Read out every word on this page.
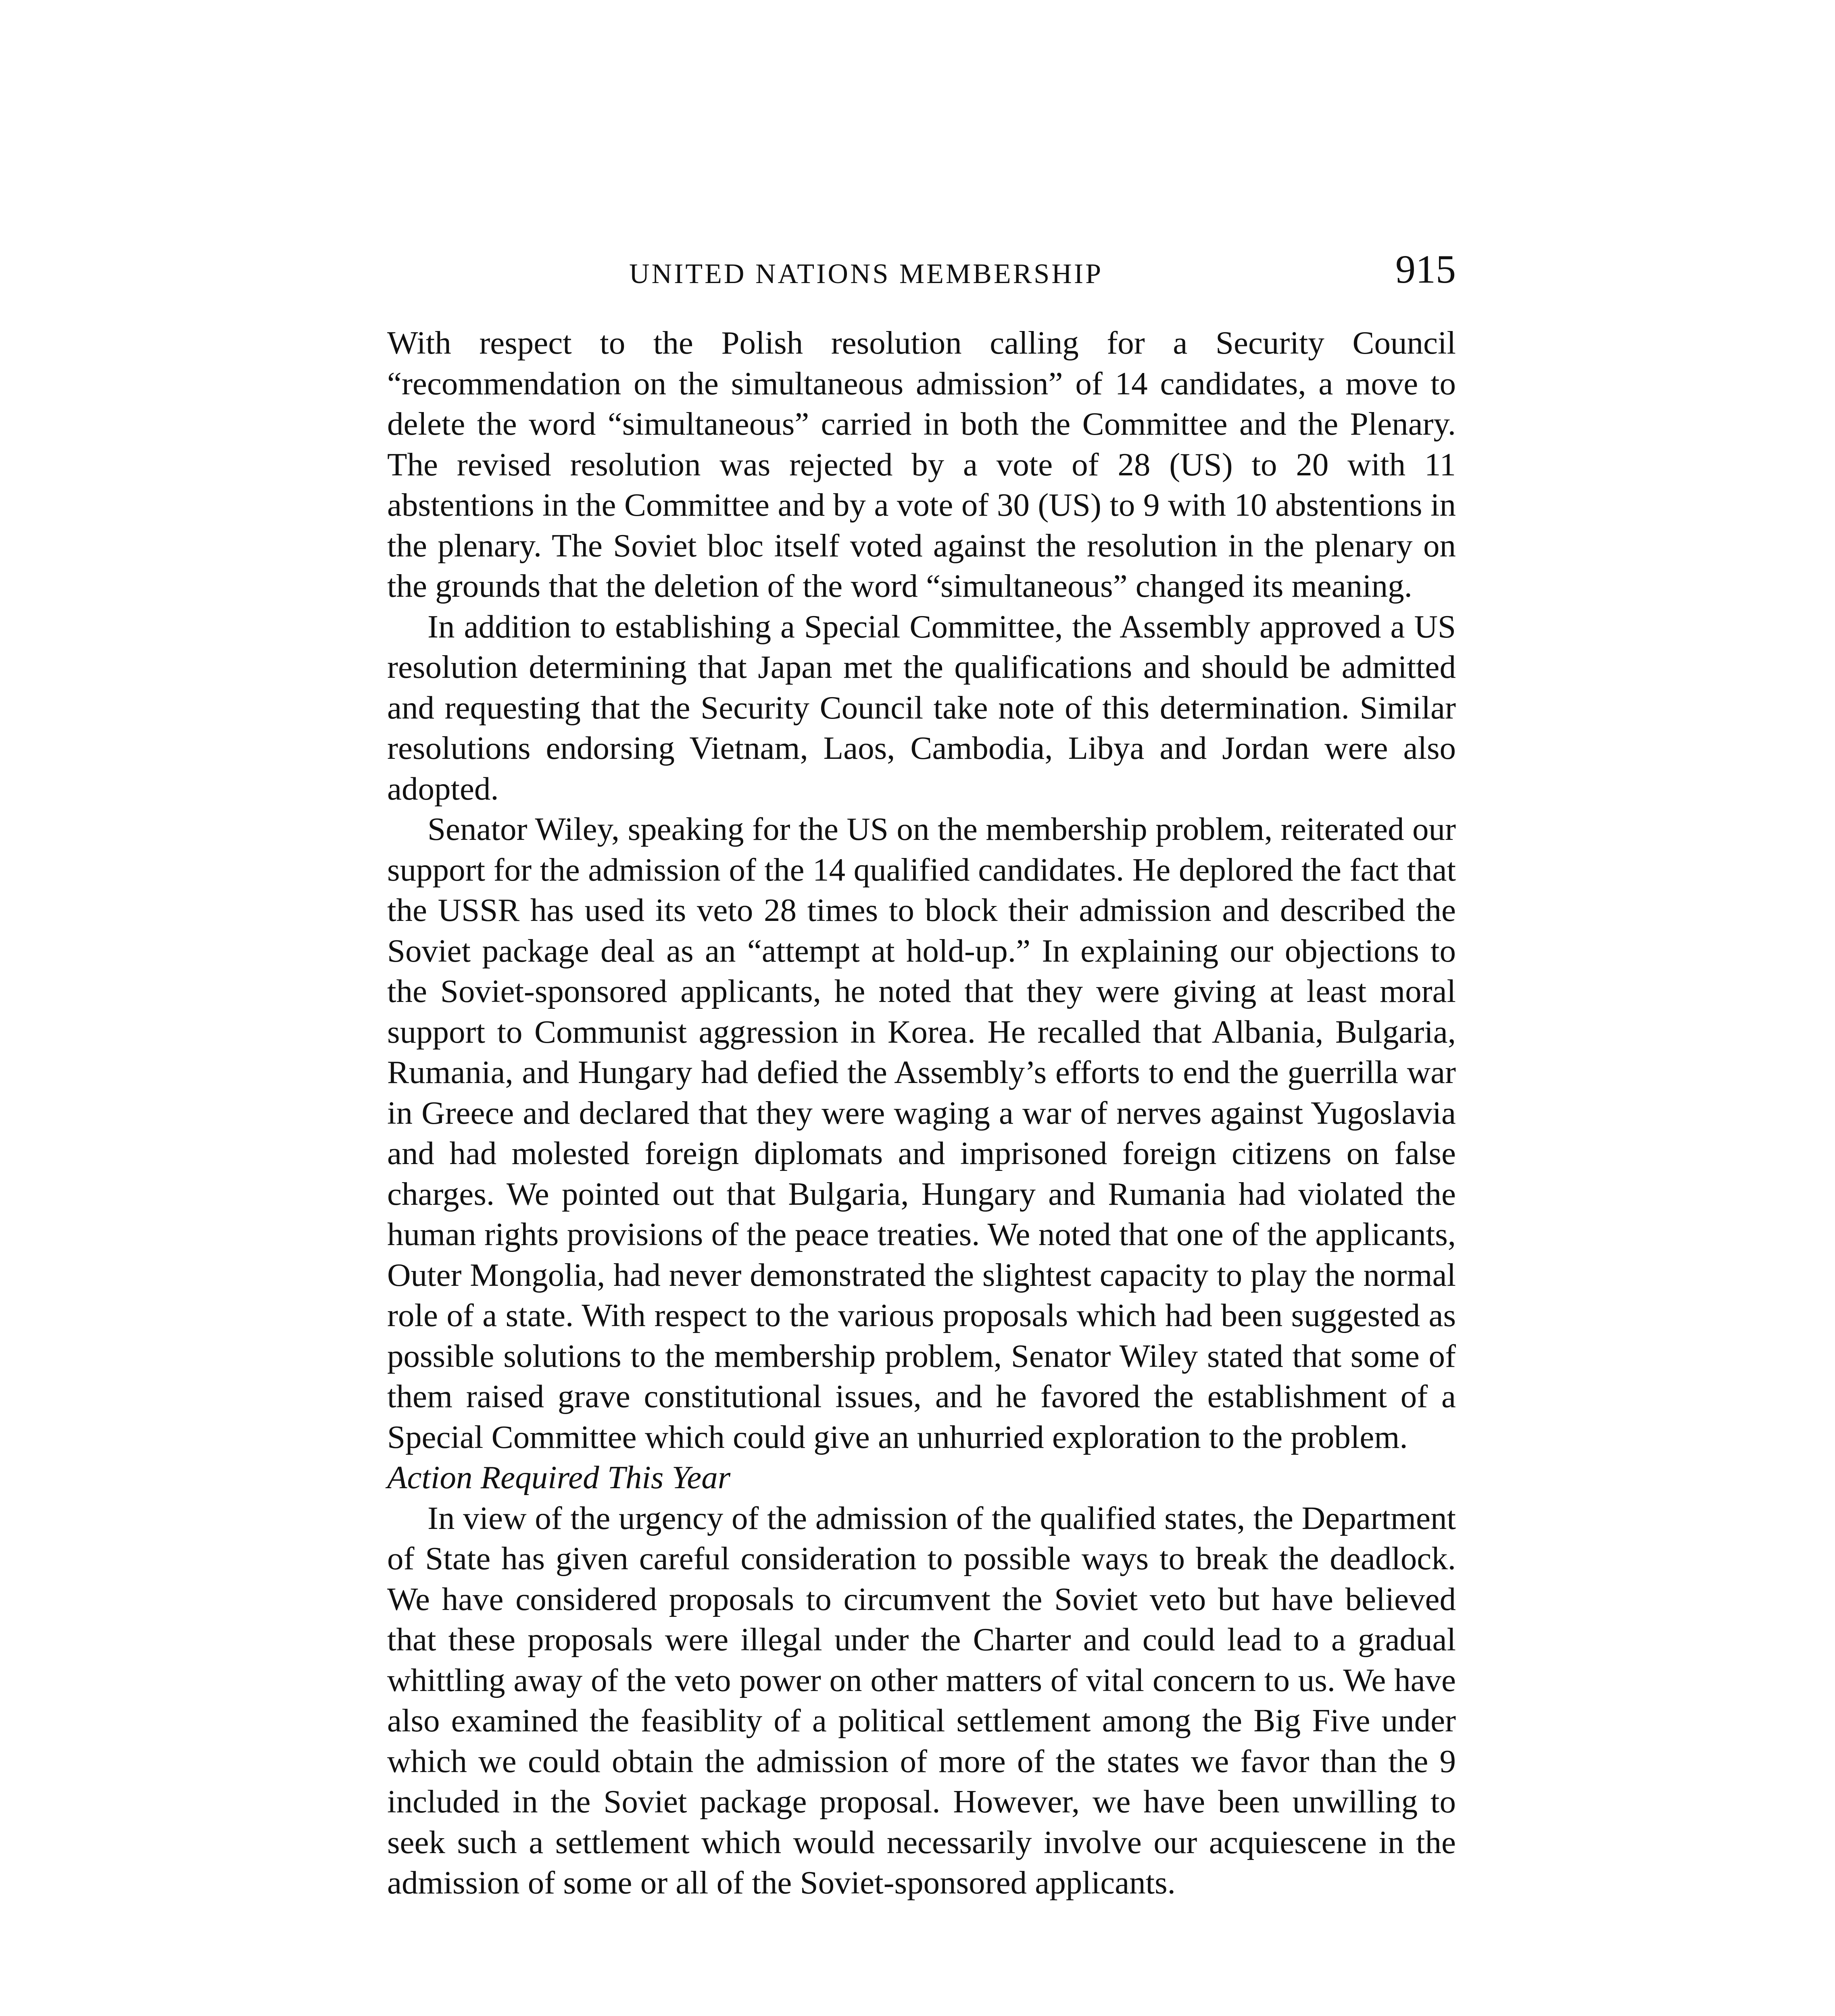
UNITED NATIONS MEMBERSHIP	915

With respect to the Polish resolution calling for a Security Council “recommendation on the simultaneous admission” of 14 candidates, a move to delete the word “simultaneous” carried in both the Committee and the Plenary. The revised resolution was rejected by a vote of 28 (US) to 20 with 11 abstentions in the Committee and by a vote of 30 (US) to 9 with 10 abstentions in the plenary. The Soviet bloc itself voted against the resolution in the plenary on the grounds that the deletion of the word “simultaneous” changed its meaning.

In addition to establishing a Special Committee, the Assembly approved a US resolution determining that Japan met the qualifications and should be admitted and requesting that the Security Council take note of this determination. Similar resolutions endorsing Vietnam, Laos, Cambodia, Libya and Jordan were also adopted.

Senator Wiley, speaking for the US on the membership problem, reiterated our support for the admission of the 14 qualified candidates. He deplored the fact that the USSR has used its veto 28 times to block their admission and described the Soviet package deal as an “attempt at hold-up.” In explaining our objections to the Soviet-sponsored applicants, he noted that they were giving at least moral support to Communist aggression in Korea. He recalled that Albania, Bulgaria, Rumania, and Hungary had defied the Assembly’s efforts to end the guerrilla war in Greece and declared that they were waging a war of nerves against Yugoslavia and had molested foreign diplomats and imprisoned foreign citizens on false charges. We pointed out that Bulgaria, Hungary and Rumania had violated the human rights provisions of the peace treaties. We noted that one of the applicants, Outer Mongolia, had never demonstrated the slightest capacity to play the normal role of a state. With respect to the various proposals which had been suggested as possible solutions to the membership problem, Senator Wiley stated that some of them raised grave constitutional issues, and he favored the establishment of a Special Committee which could give an unhurried exploration to the problem.

Action Required This Year

In view of the urgency of the admission of the qualified states, the Department of State has given careful consideration to possible ways to break the deadlock. We have considered proposals to circumvent the Soviet veto but have believed that these proposals were illegal under the Charter and could lead to a gradual whittling away of the veto power on other matters of vital concern to us. We have also examined the feasiblity of a political settlement among the Big Five under which we could obtain the admission of more of the states we favor than the 9 included in the Soviet package proposal. However, we have been unwilling to seek such a settlement which would necessarily involve our acquiescene in the admission of some or all of the Soviet-sponsored applicants.
